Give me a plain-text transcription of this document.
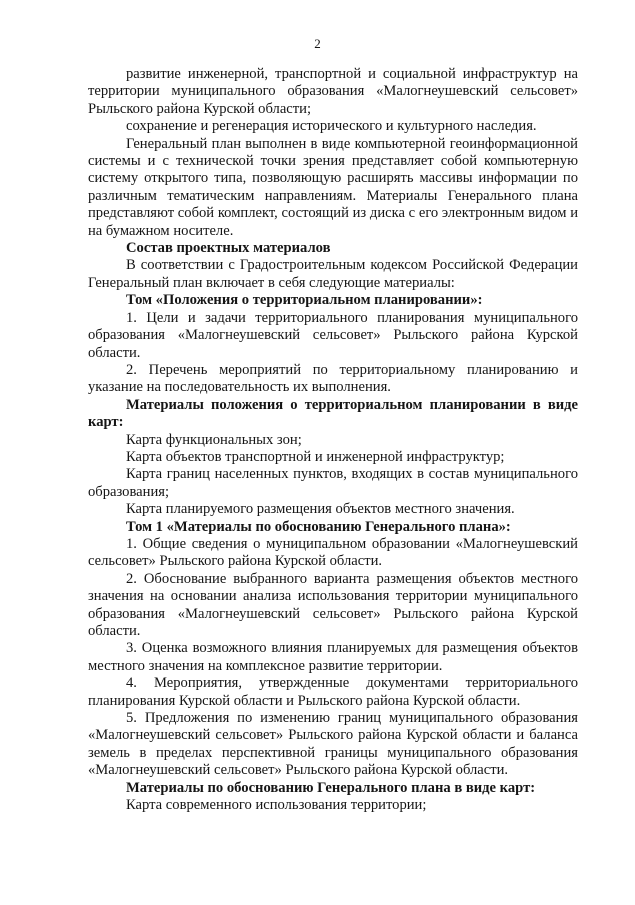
2

развитие инженерной, транспортной и социальной инфраструктур на территории муниципального образования «Малогнеушевский сельсовет» Рыльского района Курской области;

сохранение и регенерация исторического и культурного наследия.

Генеральный план выполнен в виде компьютерной геоинформационной системы и с технической точки зрения представляет собой компьютерную систему открытого типа, позволяющую расширять массивы информации по различным тематическим направлениям. Материалы Генерального плана представляют собой комплект, состоящий из диска с его электронным видом и на бумажном носителе.

Состав проектных материалов

В соответствии с Градостроительным кодексом Российской Федерации Генеральный план включает в себя следующие материалы:

Том «Положения о территориальном планировании»:

1. Цели и задачи территориального планирования муниципального образования «Малогнеушевский сельсовет» Рыльского района Курской области.

2. Перечень мероприятий по территориальному планированию и указание на последовательность их выполнения.

Материалы положения о территориальном планировании в виде карт:

Карта функциональных зон;

Карта объектов транспортной и инженерной инфраструктур;

Карта границ населенных пунктов, входящих в состав муниципального образования;

Карта планируемого размещения объектов местного значения.

Том 1 «Материалы по обоснованию Генерального плана»:

1. Общие сведения о муниципальном образовании «Малогнеушевский сельсовет» Рыльского района Курской области.

2. Обоснование выбранного варианта размещения объектов местного значения на основании анализа использования территории муниципального образования «Малогнеушевский сельсовет» Рыльского района Курской области.

3. Оценка возможного влияния планируемых для размещения объектов местного значения на комплексное развитие территории.

4. Мероприятия, утвержденные документами территориального планирования Курской области и Рыльского района Курской области.

5. Предложения по изменению границ муниципального образования «Малогнеушевский сельсовет» Рыльского района Курской области и баланса земель в пределах перспективной границы муниципального образования «Малогнеушевский сельсовет» Рыльского района Курской области.

Материалы по обоснованию Генерального плана в виде карт:

Карта современного использования территории;
